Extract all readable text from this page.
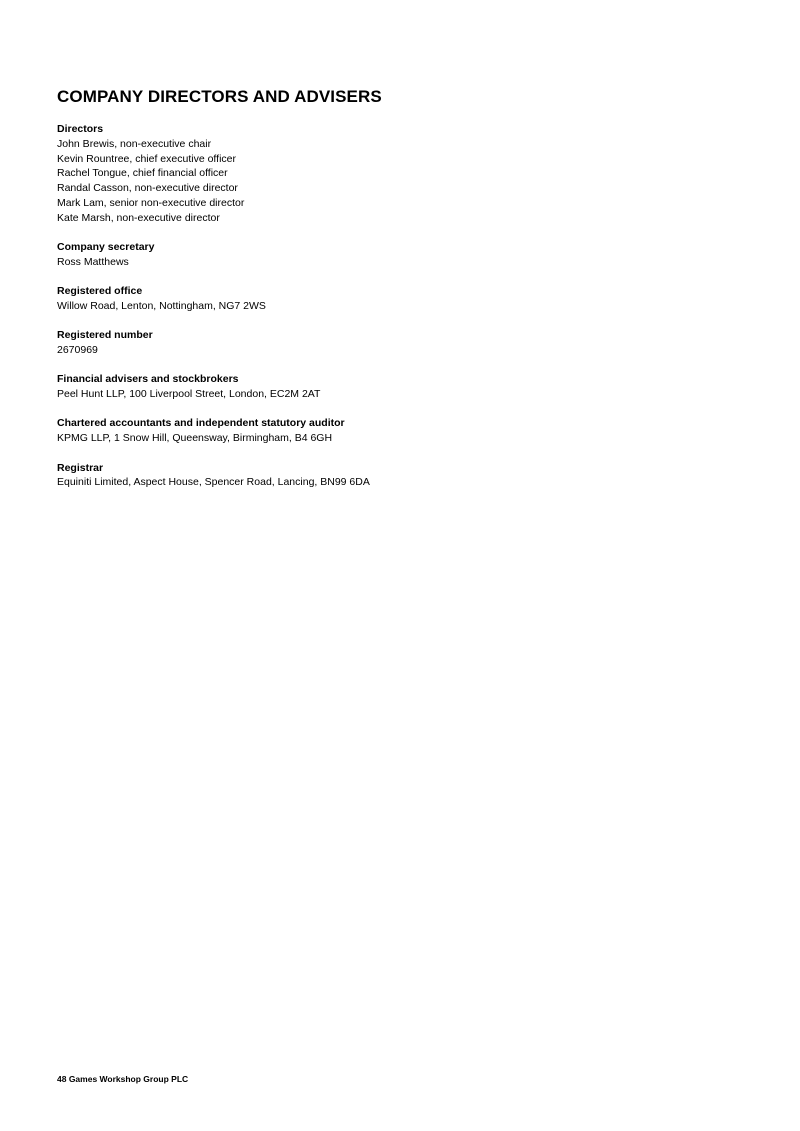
COMPANY DIRECTORS AND ADVISERS
Directors
John Brewis, non-executive chair
Kevin Rountree, chief executive officer
Rachel Tongue, chief financial officer
Randal Casson, non-executive director
Mark Lam, senior non-executive director
Kate Marsh, non-executive director
Company secretary
Ross Matthews
Registered office
Willow Road, Lenton, Nottingham, NG7 2WS
Registered number
2670969
Financial advisers and stockbrokers
Peel Hunt LLP, 100 Liverpool Street, London, EC2M 2AT
Chartered accountants and independent statutory auditor
KPMG LLP, 1 Snow Hill, Queensway, Birmingham, B4 6GH
Registrar
Equiniti Limited, Aspect House, Spencer Road, Lancing, BN99 6DA
48 Games Workshop Group PLC
